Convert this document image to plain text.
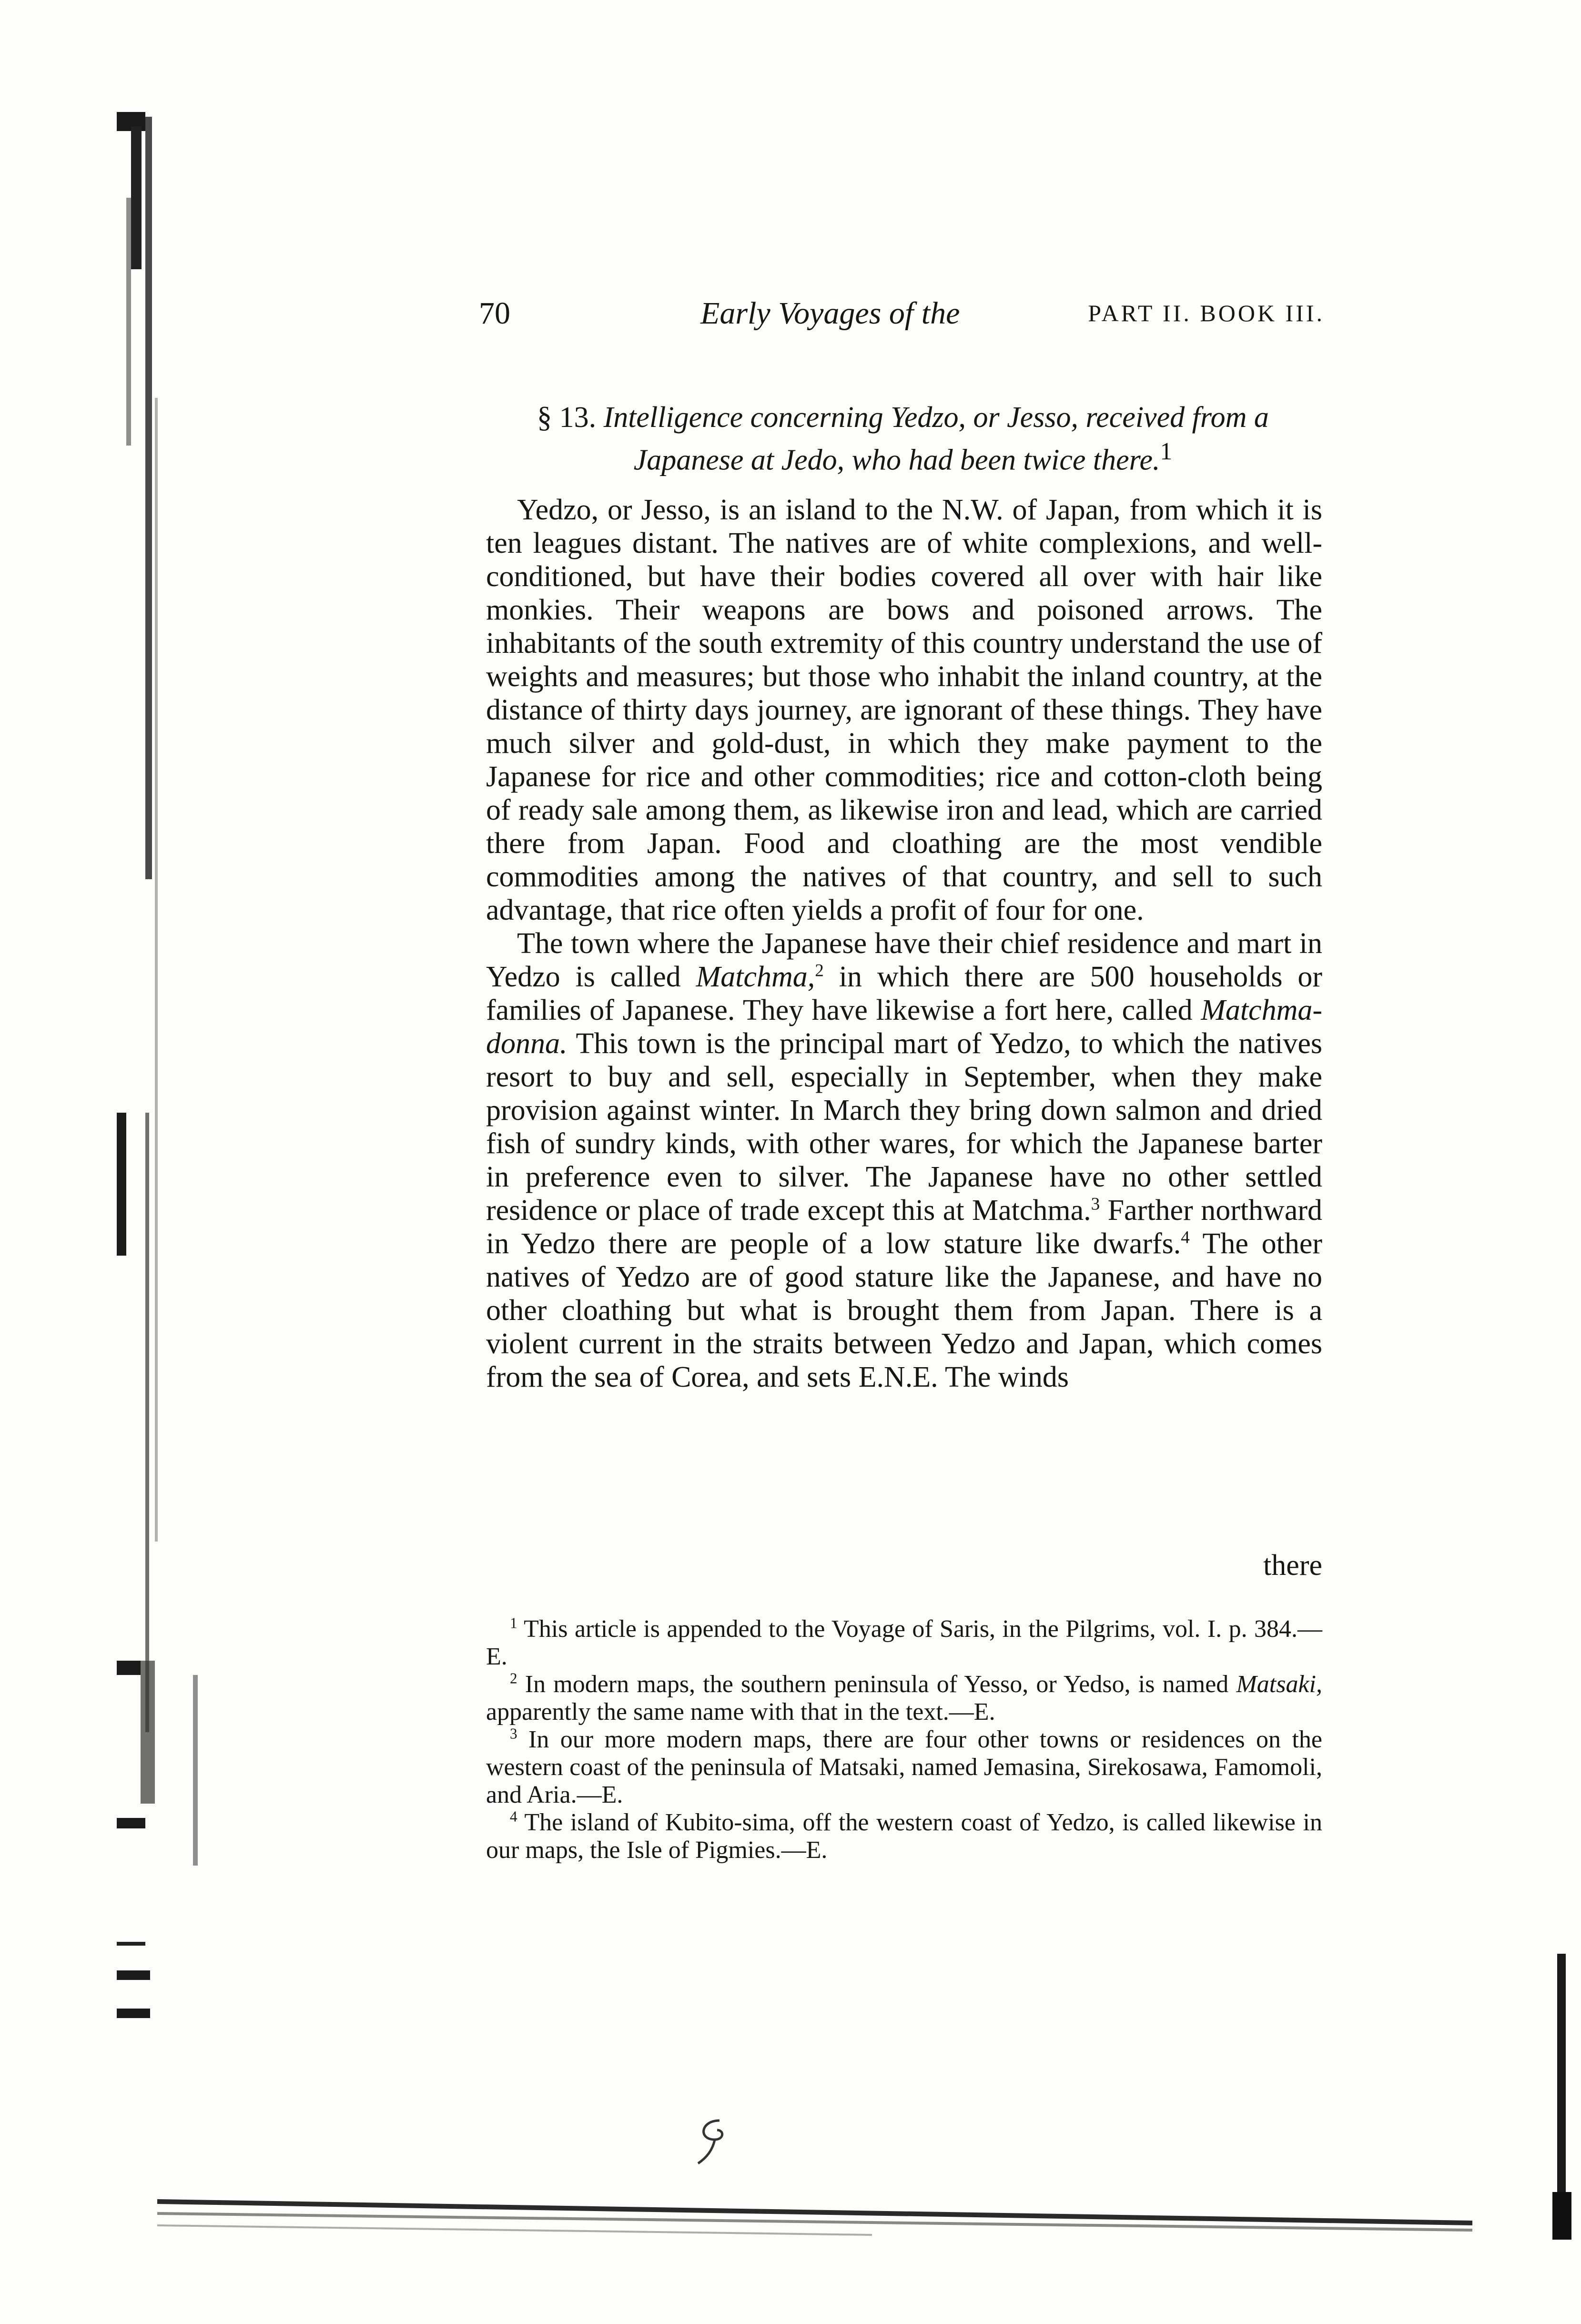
70	Early Voyages of the	PART II. BOOK III.
§ 13. Intelligence concerning Yedzo, or Jesso, received from a
Japanese at Jedo, who had been twice there.$^1$

Yedzo, or Jesso, is an island to the N.W. of Japan, from which it is ten leagues distant. The natives are of white complexions, and well-conditioned, but have their bodies covered all over with hair like monkies. Their weapons are bows and poisoned arrows. The inhabitants of the south extremity of this country understand the use of weights and measures; but those who inhabit the inland country, at the distance of thirty days journey, are ignorant of these things. They have much silver and gold-dust, in which they make payment to the Japanese for rice and other commodities; rice and cotton-cloth being of ready sale among them, as likewise iron and lead, which are carried there from Japan. Food and cloathing are the most vendible commodities among the natives of that country, and sell to such advantage, that rice often yields a profit of four for one.

The town where the Japanese have their chief residence and mart in Yedzo is called Matchma,$^2$ in which there are 500 households or families of Japanese. They have likewise a fort here, called Matchma-donna. This town is the principal mart of Yedzo, to which the natives resort to buy and sell, especially in September, when they make provision against winter. In March they bring down salmon and dried fish of sundry kinds, with other wares, for which the Japanese barter in preference even to silver. The Japanese have no other settled residence or place of trade except this at Matchma.$^3$ Farther northward in Yedzo there are people of a low stature like dwarfs.$^4$ The other natives of Yedzo are of good stature like the Japanese, and have no other cloathing but what is brought them from Japan. There is a violent current in the straits between Yedzo and Japan, which comes from the sea of Corea, and sets E.N.E. The winds

there

$^1$ This article is appended to the Voyage of Saris, in the Pilgrims, vol. I. p. 384.—E.

$^2$ In modern maps, the southern peninsula of Yesso, or Yedso, is named Matsaki, apparently the same name with that in the text.—E.

$^3$ In our more modern maps, there are four other towns or residences on the western coast of the peninsula of Matsaki, named Jemasina, Sirekosawa, Famomoli, and Aria.—E.

$^4$ The island of Kubito-sima, off the western coast of Yedzo, is called likewise in our maps, the Isle of Pigmies.—E.
